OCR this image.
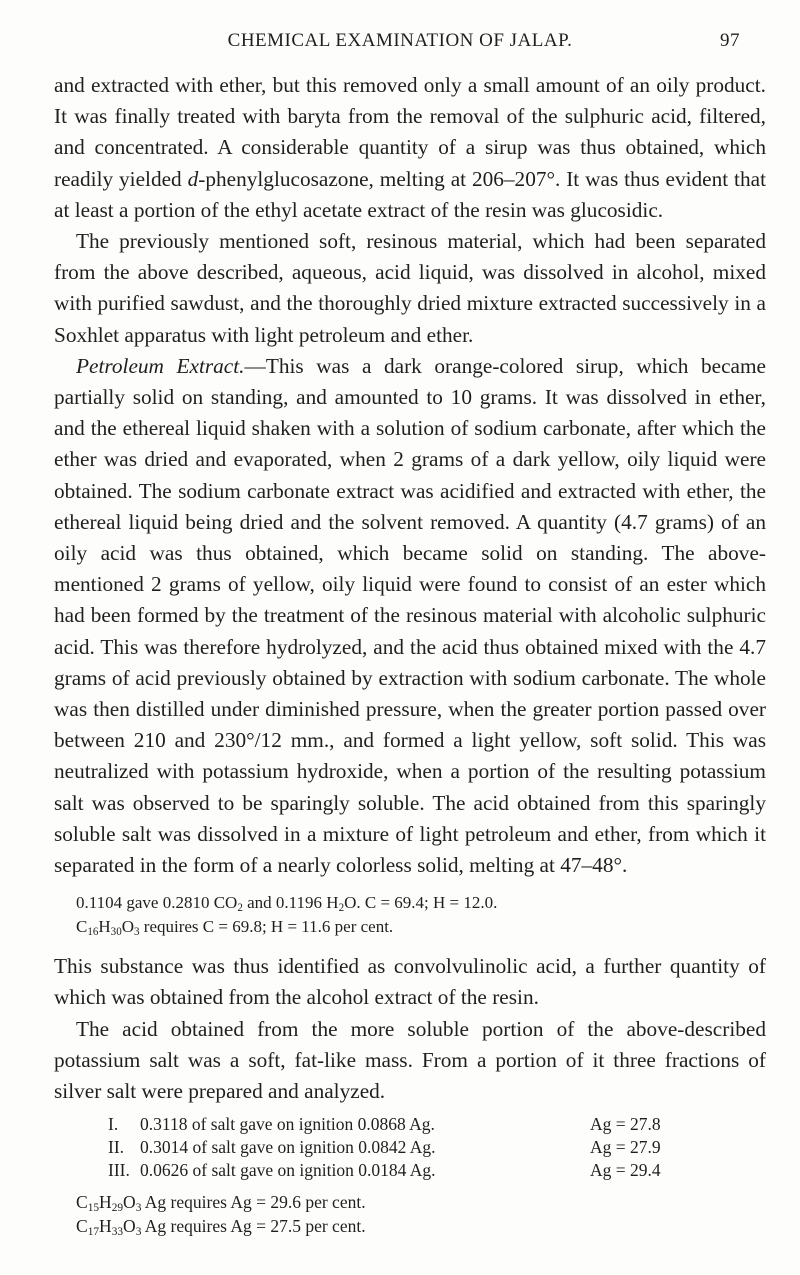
CHEMICAL EXAMINATION OF JALAP.	97

and extracted with ether, but this removed only a small amount of an oily product. It was finally treated with baryta from the removal of the sulphuric acid, filtered, and concentrated. A considerable quantity of a sirup was thus obtained, which readily yielded d-phenylglucosazone, melting at 206–207°. It was thus evident that at least a portion of the ethyl acetate extract of the resin was glucosidic.

The previously mentioned soft, resinous material, which had been separated from the above described, aqueous, acid liquid, was dissolved in alcohol, mixed with purified sawdust, and the thoroughly dried mixture extracted successively in a Soxhlet apparatus with light petroleum and ether.

Petroleum Extract.—This was a dark orange-colored sirup, which became partially solid on standing, and amounted to 10 grams. It was dissolved in ether, and the ethereal liquid shaken with a solution of sodium carbonate, after which the ether was dried and evaporated, when 2 grams of a dark yellow, oily liquid were obtained. The sodium carbonate extract was acidified and extracted with ether, the ethereal liquid being dried and the solvent removed. A quantity (4.7 grams) of an oily acid was thus obtained, which became solid on standing. The above-mentioned 2 grams of yellow, oily liquid were found to consist of an ester which had been formed by the treatment of the resinous material with alcoholic sulphuric acid. This was therefore hydrolyzed, and the acid thus obtained mixed with the 4.7 grams of acid previously obtained by extraction with sodium carbonate. The whole was then distilled under diminished pressure, when the greater portion passed over between 210 and 230°/12 mm., and formed a light yellow, soft solid. This was neutralized with potassium hydroxide, when a portion of the resulting potassium salt was observed to be sparingly soluble. The acid obtained from this sparingly soluble salt was dissolved in a mixture of light petroleum and ether, from which it separated in the form of a nearly colorless solid, melting at 47–48°.

0.1104 gave 0.2810 $CO_2$ and 0.1196 $H_2O$. C = 69.4; H = 12.0.
$C_{16}H_{30}O_3$ requires C = 69.8; H = 11.6 per cent.

This substance was thus identified as convolvulinolic acid, a further quantity of which was obtained from the alcohol extract of the resin.

The acid obtained from the more soluble portion of the above-described potassium salt was a soft, fat-like mass. From a portion of it three fractions of silver salt were prepared and analyzed.

I.	0.3118 of salt gave on ignition 0.0868 Ag.	Ag = 27.8
II. 0.3014 of salt gave on ignition 0.0842 Ag.	Ag = 27.9
III. 0.0626 of salt gave on ignition 0.0184 Ag.	Ag = 29.4
$C_{15}H_{29}O_3$ Ag requires Ag = 29.6 per cent.
$C_{17}H_{33}O_3$ Ag requires Ag = 27.5 per cent.
